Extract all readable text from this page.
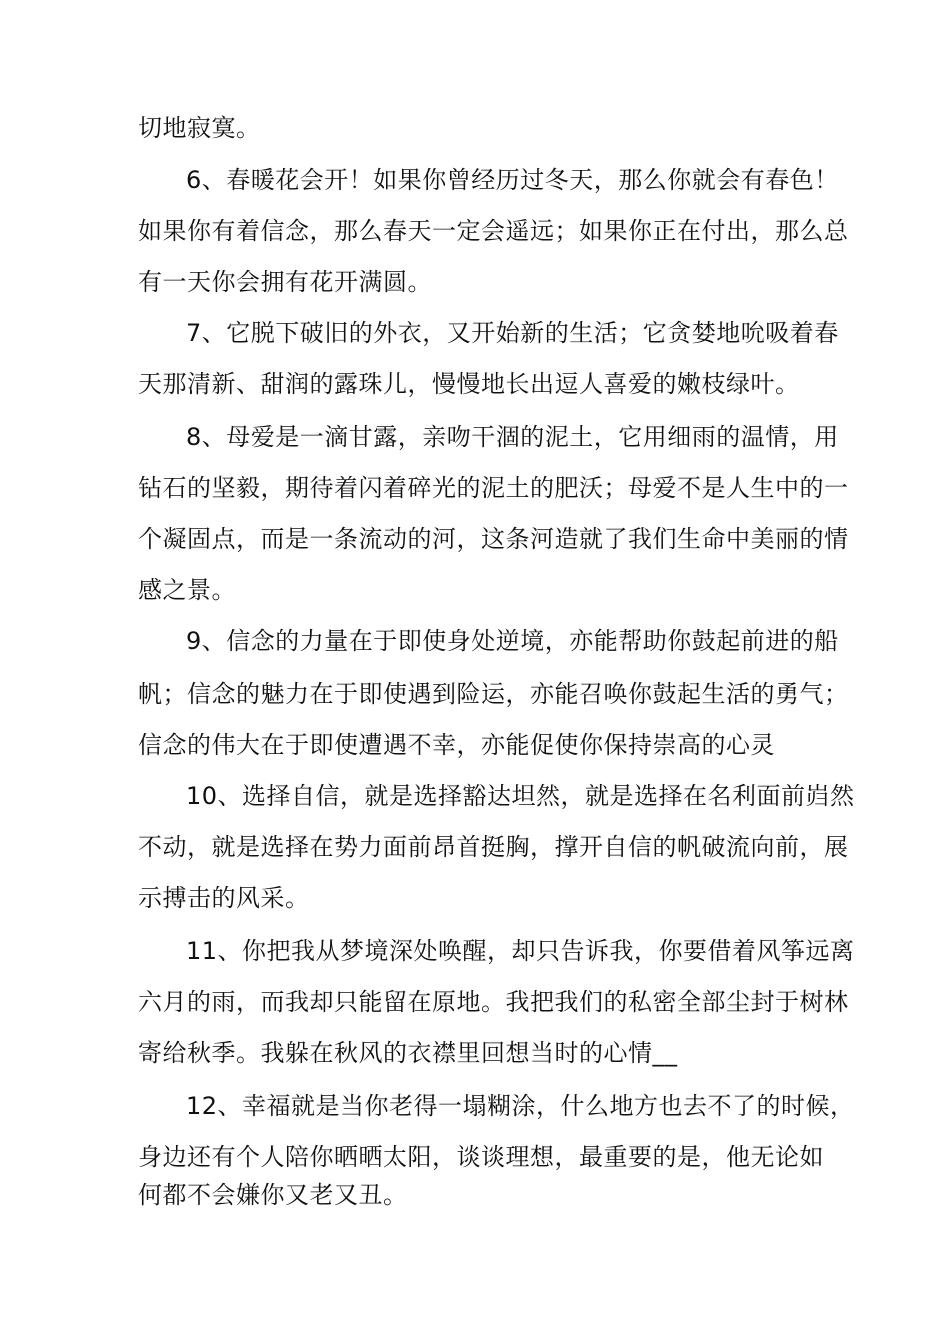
切地寂寞。
6、春暖花会开！如果你曾经历过冬天，那么你就会有春色！
如果你有着信念，那么春天一定会遥远；如果你正在付出，那么总
有一天你会拥有花开满圆。
7、它脱下破旧的外衣，又开始新的生活；它贪婪地吮吸着春
天那清新、甜润的露珠儿，慢慢地长出逗人喜爱的嫩枝绿叶。
8、母爱是一滴甘露，亲吻干涸的泥土，它用细雨的温情，用
钻石的坚毅，期待着闪着碎光的泥土的肥沃；母爱不是人生中的一
个凝固点，而是一条流动的河，这条河造就了我们生命中美丽的情
感之景。
9、信念的力量在于即使身处逆境，亦能帮助你鼓起前进的船
帆；信念的魅力在于即使遇到险运，亦能召唤你鼓起生活的勇气；
信念的伟大在于即使遭遇不幸，亦能促使你保持崇高的心灵
10、选择自信，就是选择豁达坦然，就是选择在名利面前岿然
不动，就是选择在势力面前昂首挺胸，撑开自信的帆破流向前，展
示搏击的风采。
11、你把我从梦境深处唤醒，却只告诉我，你要借着风筝远离
六月的雨，而我却只能留在原地。我把我们的私密全部尘封于树林
寄给秋季。我躲在秋风的衣襟里回想当时的心情__
12、幸福就是当你老得一塌糊涂，什么地方也去不了的时候，
身边还有个人陪你晒晒太阳，谈谈理想，最重要的是，他无论如
何都不会嫌你又老又丑。
